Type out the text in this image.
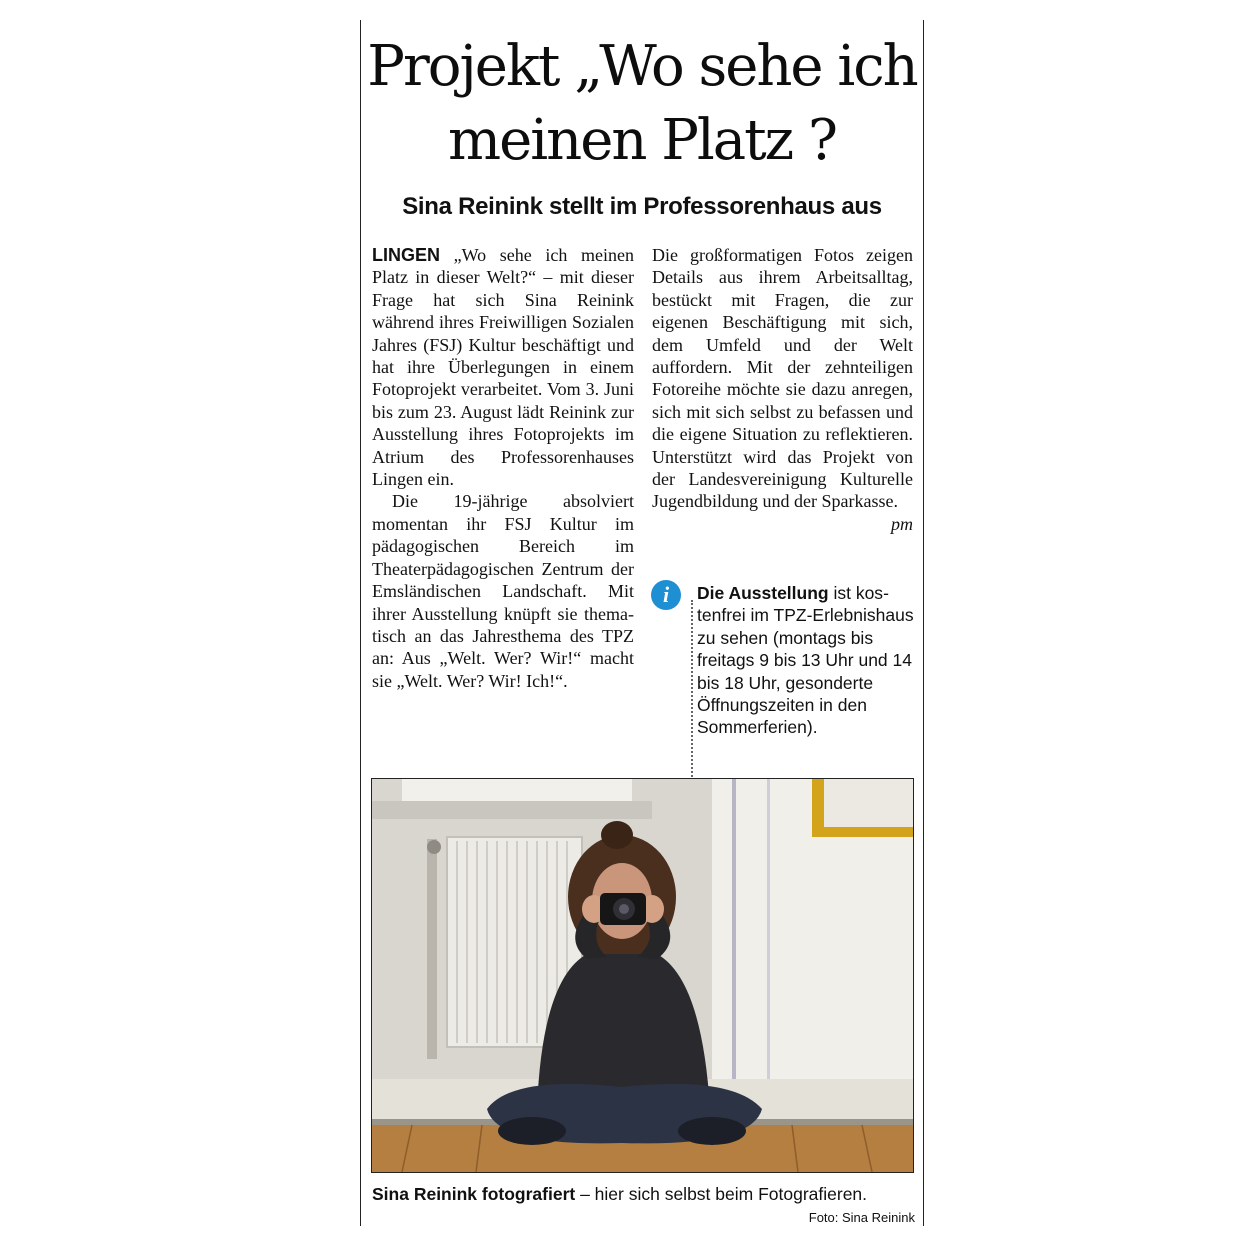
Projekt „Wo sehe ich
meinen Platz ?
Sina Reinink stellt im Professorenhaus aus

LINGEN „Wo sehe ich meinen Platz in dieser Welt?“ – mit dieser Frage hat sich Sina Reinink während ihres Freiwilligen Sozialen Jahres (FSJ) Kultur beschäftigt und hat ihre Überlegungen in einem Fotoprojekt verarbeitet. Vom 3. Juni bis zum 23. August lädt Reinink zur Ausstellung ihres Fotoprojekts im Atrium des Professorenhauses Lingen ein.

Die 19-jährige absolviert momentan ihr FSJ Kultur im pädagogischen Bereich im Theaterpädagogischen Zentrum der Emsländischen Landschaft. Mit ihrer Ausstellung knüpft sie thematisch an das Jahresthema des TPZ an: Aus „Welt. Wer? Wir!“ macht sie „Welt. Wer? Wir! Ich!“.

Die großformatigen Fotos zeigen Details aus ihrem Arbeitsalltag, bestückt mit Fragen, die zur eigenen Beschäftigung mit sich, dem Umfeld und der Welt auffordern. Mit der zehnteiligen Fotoreihe möchte sie dazu anregen, sich mit sich selbst zu befassen und die eigene Situation zu reflektieren. Unterstützt wird das Projekt von der Landesvereinigung Kulturelle Jugendbildung und der Sparkasse.

pm
i	Die Ausstellung ist kostenfrei im TPZ-Erlebnishaus zu sehen (montags bis freitags 9 bis 13 Uhr und 14 bis 18 Uhr, gesonderte Öffnungszeiten in den Sommerferien).

Sina Reinink fotografiert – hier sich selbst beim Fotografieren.

Foto: Sina Reinink
